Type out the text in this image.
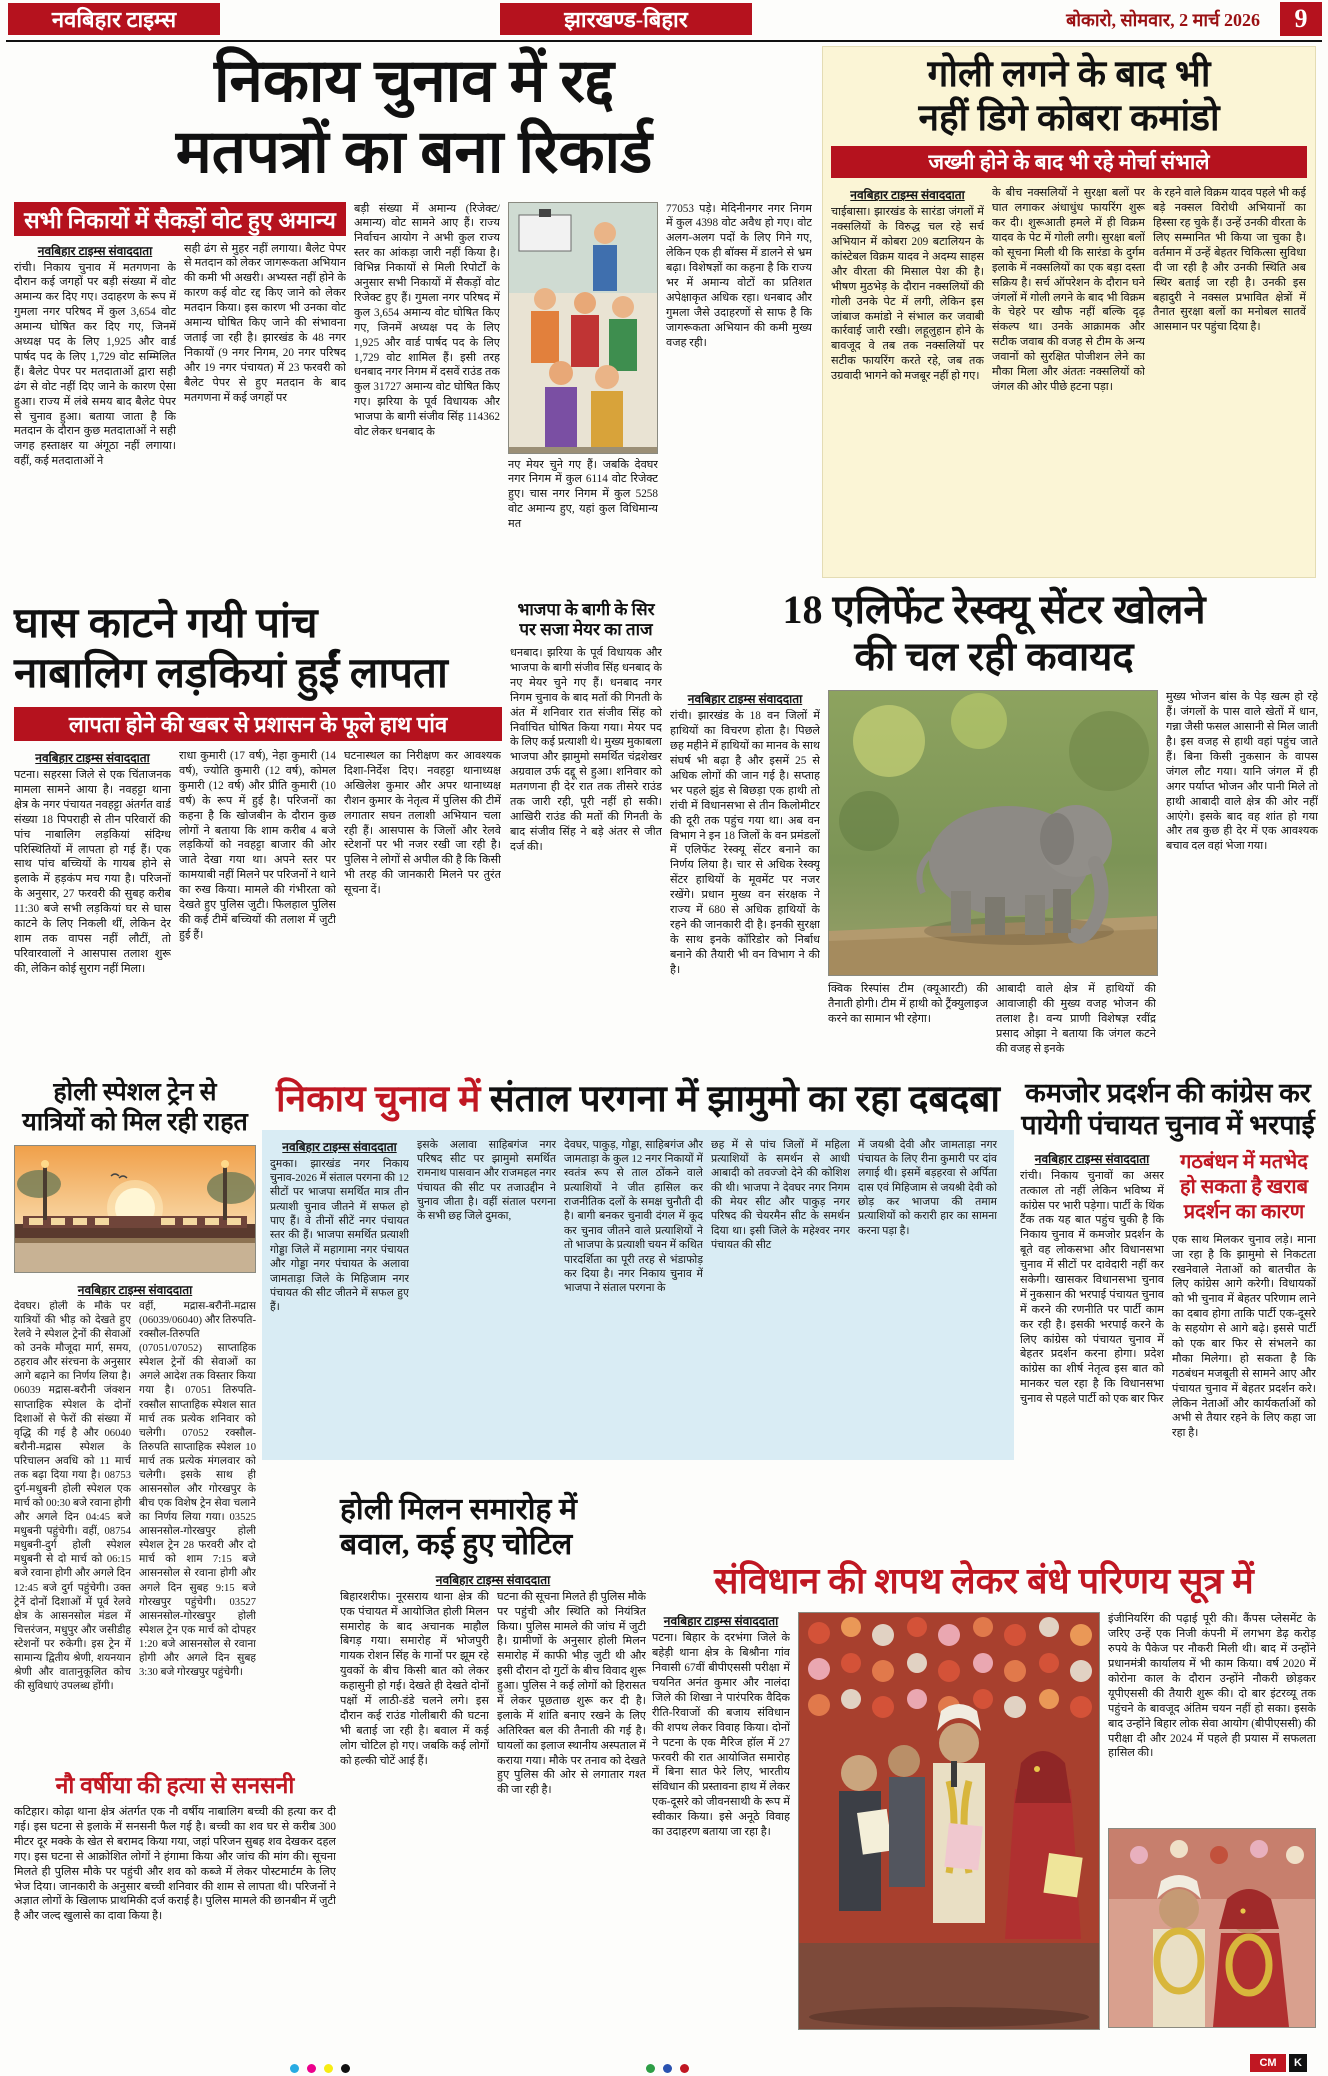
नवबिहार टाइम्स	झारखण्ड-बिहार	बोकारो, सोमवार, 2 मार्च 2026	9
निकाय चुनाव में रद्द
मतपत्रों का बना रिकार्ड
सभी निकायों में सैकड़ों वोट हुए अमान्य
नवबिहार टाइम्स संवाददाता
रांची। निकाय चुनाव में मतगणना के दौरान कई जगहों पर बड़ी संख्या में वोट अमान्य कर दिए गए। उदाहरण के रूप में गुमला नगर परिषद में कुल 3,654 वोट अमान्य घोषित कर दिए गए, जिनमें अध्यक्ष पद के लिए 1,925 और वार्ड पार्षद पद के लिए 1,729 वोट सम्मिलित हैं। बैलेट पेपर पर मतदाताओं द्वारा सही ढंग से वोट नहीं दिए जाने के कारण ऐसा हुआ। राज्य में लंबे समय बाद बैलेट पेपर से चुनाव हुआ। बताया जाता है कि मतदान के दौरान कुछ मतदाताओं ने सही जगह हस्ताक्षर या अंगूठा नहीं लगाया। वहीं, कई मतदाताओं ने
सही ढंग से मुहर नहीं लगाया। बैलेट पेपर से मतदान को लेकर जागरूकता अभियान की कमी भी अखरी। अभ्यस्त नहीं होने के कारण कई वोट रद्द किए जाने को लेकर मतदान किया। इस कारण भी उनका वोट अमान्य घोषित किए जाने की संभावना जताई जा रही है। झारखंड के 48 नगर निकायों (9 नगर निगम, 20 नगर परिषद और 19 नगर पंचायत) में 23 फरवरी को बैलेट पेपर से हुए मतदान के बाद मतगणना में कई जगहों पर
बड़ी संख्या में अमान्य (रिजेक्ट/अमान्य) वोट सामने आए हैं। राज्य निर्वाचन आयोग ने अभी कुल राज्य स्तर का आंकड़ा जारी नहीं किया है। विभिन्न निकायों से मिली रिपोर्टों के अनुसार सभी निकायों में सैकड़ों वोट रिजेक्ट हुए हैं। गुमला नगर परिषद में कुल 3,654 अमान्य वोट घोषित किए गए, जिनमें अध्यक्ष पद के लिए 1,925 और वार्ड पार्षद पद के लिए 1,729 वोट शामिल हैं। इसी तरह धनबाद नगर निगम में दसवें राउंड तक कुल 31727 अमान्य वोट घोषित किए गए। झरिया के पूर्व विधायक और भाजपा के बागी संजीव सिंह 114362 वोट लेकर धनबाद के
नए मेयर चुने गए हैं। जबकि देवघर नगर निगम में कुल 6114 वोट रिजेक्ट हुए। चास नगर निगम में कुल 5258 वोट अमान्य हुए, यहां कुल विधिमान्य मत
77053 पड़े। मेदिनीनगर नगर निगम में कुल 4398 वोट अवैध हो गए। वोट अलग-अलग पदों के लिए गिने गए, लेकिन एक ही बॉक्स में डालने से भ्रम बढ़ा। विशेषज्ञों का कहना है कि राज्य भर में अमान्य वोटों का प्रतिशत अपेक्षाकृत अधिक रहा। धनबाद और गुमला जैसे उदाहरणों से साफ है कि जागरूकता अभियान की कमी मुख्य वजह रही।
गोली लगने के बाद भी
नहीं डिगे कोबरा कमांडो
जख्मी होने के बाद भी रहे मोर्चा संभाले
नवबिहार टाइम्स संवाददाता
चाईबासा। झारखंड के सारंडा जंगलों में नक्सलियों के विरुद्ध चल रहे सर्च अभियान में कोबरा 209 बटालियन के कांस्टेबल विक्रम यादव ने अदम्य साहस और वीरता की मिसाल पेश की है। भीषण मुठभेड़ के दौरान नक्सलियों की गोली उनके पेट में लगी, लेकिन इस जांबाज कमांडो ने संभाल कर जवाबी कार्रवाई जारी रखी। लहूलुहान होने के बावजूद वे तब तक नक्सलियों पर सटीक फायरिंग करते रहे, जब तक उग्रवादी भागने को मजबूर नहीं हो गए।
के बीच नक्सलियों ने सुरक्षा बलों पर घात लगाकर अंधाधुंध फायरिंग शुरू कर दी। शुरूआती हमले में ही विक्रम यादव के पेट में गोली लगी। सुरक्षा बलों को सूचना मिली थी कि सारंडा के दुर्गम इलाके में नक्सलियों का एक बड़ा दस्ता सक्रिय है। सर्च ऑपरेशन के दौरान घने जंगलों में गोली लगने के बाद भी विक्रम के चेहरे पर खौफ नहीं बल्कि दृढ़ संकल्प था। उनके आक्रामक और सटीक जवाब की वजह से टीम के अन्य जवानों को सुरक्षित पोजीशन लेने का मौका मिला और अंततः नक्सलियों को जंगल की ओर पीछे हटना पड़ा।
के रहने वाले विक्रम यादव पहले भी कई बड़े नक्सल विरोधी अभियानों का हिस्सा रह चुके हैं। उन्हें उनकी वीरता के लिए सम्मानित भी किया जा चुका है। वर्तमान में उन्हें बेहतर चिकित्सा सुविधा दी जा रही है और उनकी स्थिति अब स्थिर बताई जा रही है। उनकी इस बहादुरी ने नक्सल प्रभावित क्षेत्रों में तैनात सुरक्षा बलों का मनोबल सातवें आसमान पर पहुंचा दिया है।
घास काटने गयी पांच
नाबालिग लड़कियां हुईं लापता
लापता होने की खबर से प्रशासन के फूले हाथ पांव
नवबिहार टाइम्स संवाददाता
पटना। सहरसा जिले से एक चिंताजनक मामला सामने आया है। नवहट्टा थाना क्षेत्र के नगर पंचायत नवहट्टा अंतर्गत वार्ड संख्या 18 पिपराही से तीन परिवारों की पांच नाबालिग लड़कियां संदिग्ध परिस्थितियों में लापता हो गई हैं। एक साथ पांच बच्चियों के गायब होने से इलाके में हड़कंप मच गया है। परिजनों के अनुसार, 27 फरवरी की सुबह करीब 11:30 बजे सभी लड़कियां घर से घास काटने के लिए निकली थीं, लेकिन देर शाम तक वापस नहीं लौटीं, तो परिवारवालों ने आसपास तलाश शुरू की, लेकिन कोई सुराग नहीं मिला।
राधा कुमारी (17 वर्ष), नेहा कुमारी (14 वर्ष), ज्योति कुमारी (12 वर्ष), कोमल कुमारी (12 वर्ष) और प्रीति कुमारी (10 वर्ष) के रूप में हुई है। परिजनों का कहना है कि खोजबीन के दौरान कुछ लोगों ने बताया कि शाम करीब 4 बजे लड़कियों को नवहट्टा बाजार की ओर जाते देखा गया था। अपने स्तर पर कामयाबी नहीं मिलने पर परिजनों ने थाने का रुख किया। मामले की गंभीरता को देखते हुए पुलिस जुटी। फिलहाल पुलिस की कई टीमें बच्चियों की तलाश में जुटी हुई हैं।
घटनास्थल का निरीक्षण कर आवश्यक दिशा-निर्देश दिए। नवहट्टा थानाध्यक्ष अखिलेश कुमार और अपर थानाध्यक्ष रौशन कुमार के नेतृत्व में पुलिस की टीमें लगातार सघन तलाशी अभियान चला रही हैं। आसपास के जिलों और रेलवे स्टेशनों पर भी नजर रखी जा रही है। पुलिस ने लोगों से अपील की है कि किसी भी तरह की जानकारी मिलने पर तुरंत सूचना दें।
भाजपा के बागी के सिर
पर सजा मेयर का ताज
धनबाद। झरिया के पूर्व विधायक और भाजपा के बागी संजीव सिंह धनबाद के नए मेयर चुने गए हैं। धनबाद नगर निगम चुनाव के बाद मतों की गिनती के अंत में शनिवार रात संजीव सिंह को निर्वाचित घोषित किया गया। मेयर पद के लिए कई प्रत्याशी थे। मुख्य मुकाबला भाजपा और झामुमो समर्थित चंद्रशेखर अग्रवाल उर्फ दद्दू से हुआ। शनिवार को मतगणना ही देर रात तक तीसरे राउंड तक जारी रही, पूरी नहीं हो सकी। आखिरी राउंड की मतों की गिनती के बाद संजीव सिंह ने बड़े अंतर से जीत दर्ज की।
18 एलिफेंट रेस्क्यू सेंटर खोलने
की चल रही कवायद
नवबिहार टाइम्स संवाददाता
रांची। झारखंड के 18 वन जिलों में हाथियों का विचरण होता है। पिछले छह महीने में हाथियों का मानव के साथ संघर्ष भी बढ़ा है और इसमें 25 से अधिक लोगों की जान गई है। सप्ताह भर पहले झुंड से बिछड़ा एक हाथी तो रांची में विधानसभा से तीन किलोमीटर की दूरी तक पहुंच गया था। अब वन विभाग ने इन 18 जिलों के वन प्रमंडलों में एलिफेंट रेस्क्यू सेंटर बनाने का निर्णय लिया है। चार से अधिक रेस्क्यू सेंटर हाथियों के मूवमेंट पर नजर रखेंगे। प्रधान मुख्य वन संरक्षक ने राज्य में 680 से अधिक हाथियों के रहने की जानकारी दी है। इनकी सुरक्षा के साथ इनके कॉरिडोर को निर्बाध बनाने की तैयारी भी वन विभाग ने की है।
क्विक रिस्पांस टीम (क्यूआरटी) की तैनाती होगी। टीम में हाथी को ट्रैंक्युलाइज करने का सामान भी रहेगा।
आबादी वाले क्षेत्र में हाथियों की आवाजाही की मुख्य वजह भोजन की तलाश है। वन्य प्राणी विशेषज्ञ रवींद्र प्रसाद ओझा ने बताया कि जंगल कटने की वजह से इनके
मुख्य भोजन बांस के पेड़ खत्म हो रहे हैं। जंगलों के पास वाले खेतों में धान, गन्ना जैसी फसल आसानी से मिल जाती है। इस वजह से हाथी वहां पहुंच जाते हैं। बिना किसी नुकसान के वापस जंगल लौट गया। यानि जंगल में ही अगर पर्याप्त भोजन और पानी मिले तो हाथी आबादी वाले क्षेत्र की ओर नहीं आएंगे। इसके बाद वह शांत हो गया और तब कुछ ही देर में एक आवश्यक बचाव दल वहां भेजा गया।
होली स्पेशल ट्रेन से
यात्रियों को मिल रही राहत
नवबिहार टाइम्स संवाददाता
देवघर। होली के मौके पर यात्रियों की भीड़ को देखते हुए रेलवे ने स्पेशल ट्रेनों की सेवाओं को उनके मौजूदा मार्ग, समय, ठहराव और संरचना के अनुसार आगे बढ़ाने का निर्णय लिया है। 06039 मद्रास-बरौनी जंक्शन साप्ताहिक स्पेशल के दोनों दिशाओं से फेरों की संख्या में वृद्धि की गई है और 06040 बरौनी-मद्रास स्पेशल के परिचालन अवधि को 11 मार्च तक बढ़ा दिया गया है। 08753 दुर्ग-मधुबनी होली स्पेशल एक मार्च को 00:30 बजे रवाना होगी और अगले दिन 04:45 बजे मधुबनी पहुंचेगी। वहीं, 08754 मधुबनी-दुर्ग होली स्पेशल मधुबनी से दो मार्च को 06:15 बजे रवाना होगी और अगले दिन 12:45 बजे दुर्ग पहुंचेगी। उक्त ट्रेनें दोनों दिशाओं में पूर्व रेलवे क्षेत्र के आसनसोल मंडल में चित्तरंजन, मधुपुर और जसीडीह स्टेशनों पर रुकेगी। इस ट्रेन में सामान्य द्वितीय श्रेणी, शयनयान श्रेणी और वातानुकूलित कोच की सुविधाएं उपलब्ध होंगी।
वहीं, मद्रास-बरौनी-मद्रास (06039/06040) और तिरुपति-रक्सौल-तिरुपति (07051/07052) साप्ताहिक स्पेशल ट्रेनों की सेवाओं का अगले आदेश तक विस्तार किया गया है। 07051 तिरुपति-रक्सौल साप्ताहिक स्पेशल सात मार्च तक प्रत्येक शनिवार को चलेगी। 07052 रक्सौल-तिरुपति साप्ताहिक स्पेशल 10 मार्च तक प्रत्येक मंगलवार को चलेगी। इसके साथ ही आसनसोल और गोरखपुर के बीच एक विशेष ट्रेन सेवा चलाने का निर्णय लिया गया। 03525 आसनसोल-गोरखपुर होली स्पेशल ट्रेन 28 फरवरी और दो मार्च को शाम 7:15 बजे आसनसोल से रवाना होगी और अगले दिन सुबह 9:15 बजे गोरखपुर पहुंचेगी। 03527 आसनसोल-गोरखपुर होली स्पेशल ट्रेन एक मार्च को दोपहर 1:20 बजे आसनसोल से रवाना होगी और अगले दिन सुबह 3:30 बजे गोरखपुर पहुंचेगी।
नौ वर्षीया की हत्या से सनसनी
कटिहार। कोढ़ा थाना क्षेत्र अंतर्गत एक नौ वर्षीय नाबालिग बच्ची की हत्या कर दी गई। इस घटना से इलाके में सनसनी फैल गई है। बच्ची का शव घर से करीब 300 मीटर दूर मक्के के खेत से बरामद किया गया, जहां परिजन सुबह शव देखकर दहल गए। इस घटना से आक्रोशित लोगों ने हंगामा किया और जांच की मांग की। सूचना मिलते ही पुलिस मौके पर पहुंची और शव को कब्जे में लेकर पोस्टमार्टम के लिए भेज दिया। जानकारी के अनुसार बच्ची शनिवार की शाम से लापता थी। परिजनों ने अज्ञात लोगों के खिलाफ प्राथमिकी दर्ज कराई है। पुलिस मामले की छानबीन में जुटी है और जल्द खुलासे का दावा किया है।
निकाय चुनाव में संताल परगना में झामुमो का रहा दबदबा
नवबिहार टाइम्स संवाददाता
दुमका। झारखंड नगर निकाय चुनाव-2026 में संताल परगना की 12 सीटों पर भाजपा समर्थित मात्र तीन प्रत्याशी चुनाव जीतने में सफल हो पाए हैं। वे तीनों सीटें नगर पंचायत स्तर की हैं। भाजपा समर्थित प्रत्याशी गोड्डा जिले में महागामा नगर पंचायत और गोड्डा नगर पंचायत के अलावा जामताड़ा जिले के मिहिजाम नगर पंचायत की सीट जीतने में सफल हुए हैं।
इसके अलावा साहिबगंज नगर परिषद सीट पर झामुमो समर्थित रामनाथ पासवान और राजमहल नगर पंचायत की सीट पर तजाउद्दीन ने चुनाव जीता है। वहीं संताल परगना के सभी छह जिले दुमका,
देवघर, पाकुड़, गोड्डा, साहिबगंज और जामताड़ा के कुल 12 नगर निकायों में स्वतंत्र रूप से ताल ठोंकने वाले प्रत्याशियों ने जीत हासिल कर राजनीतिक दलों के समक्ष चुनौती दी है। बागी बनकर चुनावी दंगल में कूद कर चुनाव जीतने वाले प्रत्याशियों ने तो भाजपा के प्रत्याशी चयन में कथित पारदर्शिता का पूरी तरह से भंडाफोड़ कर दिया है। नगर निकाय चुनाव में भाजपा ने संताल परगना के
छह में से पांच जिलों में महिला प्रत्याशियों के समर्थन से आधी आबादी को तवज्जो देने की कोशिश की थी। भाजपा ने देवघर नगर निगम की मेयर सीट और पाकुड़ नगर परिषद की चेयरमैन सीट के समर्थन दिया था। इसी जिले के महेश्वर नगर पंचायत की सीट
में जयश्री देवी और जामताड़ा नगर पंचायत के लिए रीना कुमारी पर दांव लगाई थी। इसमें बड़हरवा से अर्पिता दास एवं मिहिजाम से जयश्री देवी को छोड़ कर भाजपा की तमाम प्रत्याशियों को करारी हार का सामना करना पड़ा है।
कमजोर प्रदर्शन की कांग्रेस कर
पायेगी पंचायत चुनाव में भरपाई
नवबिहार टाइम्स संवाददाता
रांची। निकाय चुनावों का असर तत्काल तो नहीं लेकिन भविष्य में कांग्रेस पर भारी पड़ेगा। पार्टी के थिंक टैंक तक यह बात पहुंच चुकी है कि निकाय चुनाव में कमजोर प्रदर्शन के बूते वह लोकसभा और विधानसभा चुनाव में सीटों पर दावेदारी नहीं कर सकेगी। खासकर विधानसभा चुनाव में नुकसान की भरपाई पंचायत चुनाव में करने की रणनीति पर पार्टी काम कर रही है। इसकी भरपाई करने के लिए कांग्रेस को पंचायत चुनाव में बेहतर प्रदर्शन करना होगा। प्रदेश कांग्रेस का शीर्ष नेतृत्व इस बात को मानकर चल रहा है कि विधानसभा चुनाव से पहले पार्टी को एक बार फिर
गठबंधन में मतभेद हो सकता है खराब प्रदर्शन का कारण
एक साथ मिलकर चुनाव लड़े। माना जा रहा है कि झामुमो से निकटता रखनेवाले नेताओं को बातचीत के लिए कांग्रेस आगे करेगी। विधायकों को भी चुनाव में बेहतर परिणाम लाने का दबाव होगा ताकि पार्टी एक-दूसरे के सहयोग से आगे बढ़े। इससे पार्टी को एक बार फिर से संभलने का मौका मिलेगा। हो सकता है कि गठबंधन मजबूती से सामने आए और पंचायत चुनाव में बेहतर प्रदर्शन करे। लेकिन नेताओं और कार्यकर्ताओं को अभी से तैयार रहने के लिए कहा जा रहा है।
होली मिलन समारोह में
बवाल, कई हुए चोटिल
नवबिहार टाइम्स संवाददाता
बिहारशरीफ। नूरसराय थाना क्षेत्र की एक पंचायत में आयोजित होली मिलन समारोह के बाद अचानक माहौल बिगड़ गया। समारोह में भोजपुरी गायक रोशन सिंह के गानों पर झूम रहे युवकों के बीच किसी बात को लेकर कहासुनी हो गई। देखते ही देखते दोनों पक्षों में लाठी-डंडे चलने लगे। इस दौरान कई राउंड गोलीबारी की घटना भी बताई जा रही है। बवाल में कई लोग चोटिल हो गए। जबकि कई लोगों को हल्की चोटें आई हैं।
घटना की सूचना मिलते ही पुलिस मौके पर पहुंची और स्थिति को नियंत्रित किया। पुलिस मामले की जांच में जुटी है। ग्रामीणों के अनुसार होली मिलन समारोह में काफी भीड़ जुटी थी और इसी दौरान दो गुटों के बीच विवाद शुरू हुआ। पुलिस ने कई लोगों को हिरासत में लेकर पूछताछ शुरू कर दी है। इलाके में शांति बनाए रखने के लिए अतिरिक्त बल की तैनाती की गई है। घायलों का इलाज स्थानीय अस्पताल में कराया गया। मौके पर तनाव को देखते हुए पुलिस की ओर से लगातार गश्त की जा रही है।
संविधान की शपथ लेकर बंधे परिणय सूत्र में
नवबिहार टाइम्स संवाददाता
पटना। बिहार के दरभंगा जिले के बहेड़ी थाना क्षेत्र के बिश्रौना गांव निवासी 67वीं बीपीएससी परीक्षा में चयनित अनंत कुमार और नालंदा जिले की शिखा ने पारंपरिक वैदिक रीति-रिवाजों की बजाय संविधान की शपथ लेकर विवाह किया। दोनों ने पटना के एक मैरिज हॉल में 27 फरवरी की रात आयोजित समारोह में बिना सात फेरे लिए, भारतीय संविधान की प्रस्तावना हाथ में लेकर एक-दूसरे को जीवनसाथी के रूप में स्वीकार किया। इसे अनूठे विवाह का उदाहरण बताया जा रहा है।
इंजीनियरिंग की पढ़ाई पूरी की। कैंपस प्लेसमेंट के जरिए उन्हें एक निजी कंपनी में लगभग डेढ़ करोड़ रुपये के पैकेज पर नौकरी मिली थी। बाद में उन्होंने प्रधानमंत्री कार्यालय में भी काम किया। वर्ष 2020 में कोरोना काल के दौरान उन्होंने नौकरी छोड़कर यूपीएससी की तैयारी शुरू की। दो बार इंटरव्यू तक पहुंचने के बावजूद अंतिम चयन नहीं हो सका। इसके बाद उन्होंने बिहार लोक सेवा आयोग (बीपीएससी) की परीक्षा दी और 2024 में पहले ही प्रयास में सफलता हासिल की।

CM	K
